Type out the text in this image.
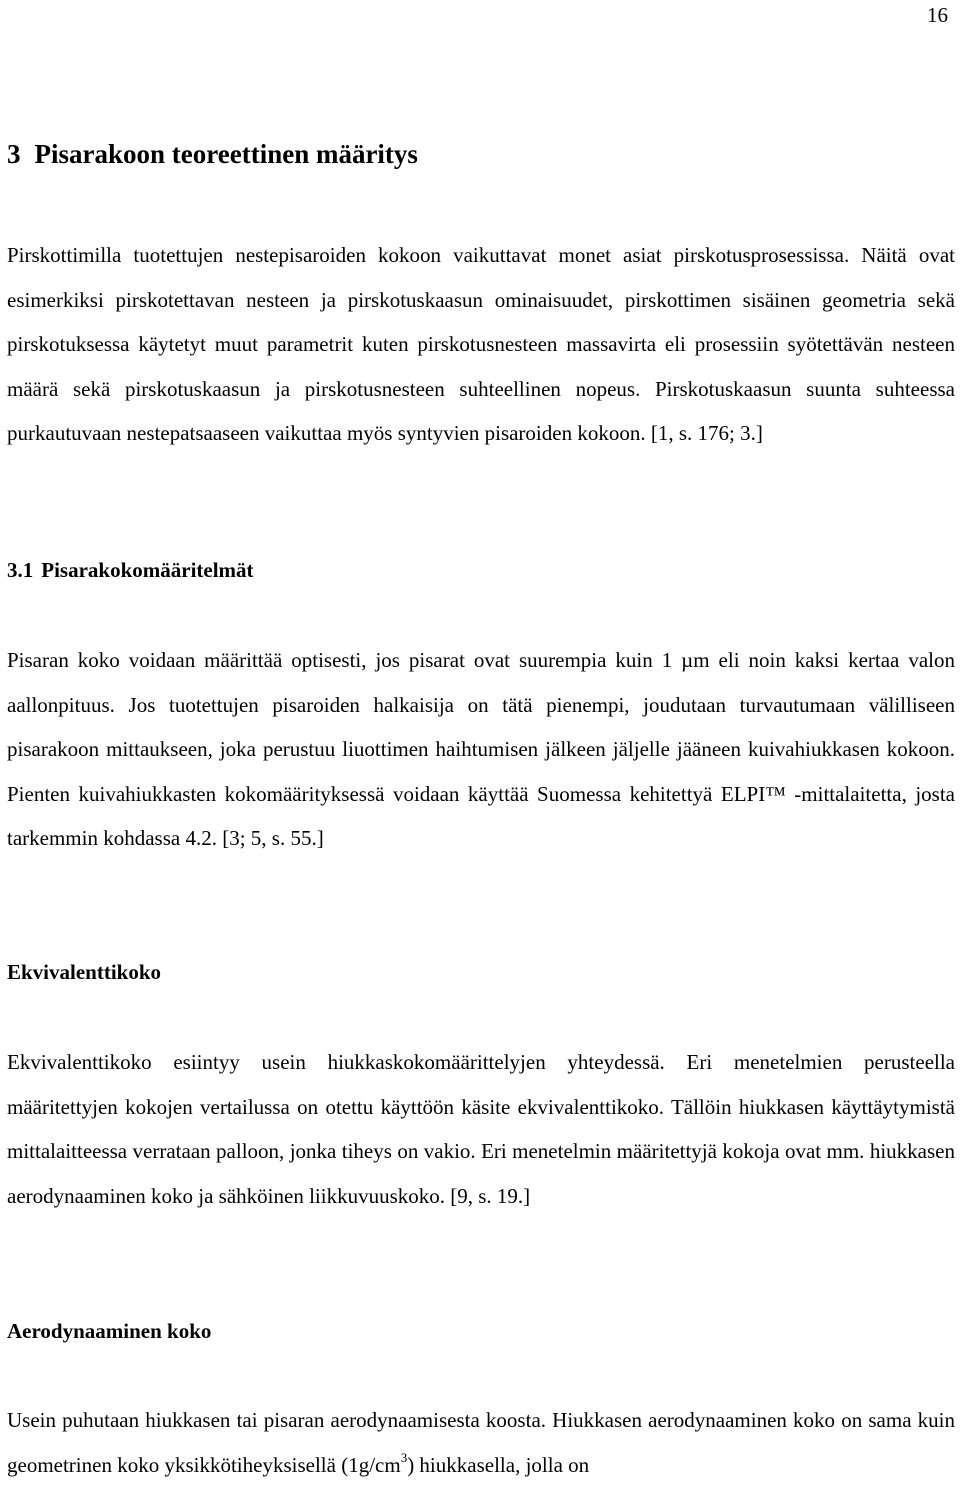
16
3 Pisarakoon teoreettinen määritys

Pirskottimilla tuotettujen nestepisaroiden kokoon vaikuttavat monet asiat pirskotusprosessissa. Näitä ovat esimerkiksi pirskotettavan nesteen ja pirskotuskaasun ominaisuudet, pirskottimen sisäinen geometria sekä pirskotuksessa käytetyt muut parametrit kuten pirskotusnesteen massavirta eli prosessiin syötettävän nesteen määrä sekä pirskotuskaasun ja pirskotusnesteen suhteellinen nopeus. Pirskotuskaasun suunta suhteessa purkautuvaan nestepatsaaseen vaikuttaa myös syntyvien pisaroiden kokoon. [1, s. 176; 3.]

3.1 Pisarakokomääritelmät

Pisaran koko voidaan määrittää optisesti, jos pisarat ovat suurempia kuin 1 µm eli noin kaksi kertaa valon aallonpituus. Jos tuotettujen pisaroiden halkaisija on tätä pienempi, joudutaan turvautumaan välilliseen pisarakoon mittaukseen, joka perustuu liuottimen haihtumisen jälkeen jäljelle jääneen kuivahiukkasen kokoon. Pienten kuivahiukkasten kokomäärityksessä voidaan käyttää Suomessa kehitettyä ELPI™ -mittalaitetta, josta tarkemmin kohdassa 4.2. [3; 5, s. 55.]

Ekvivalenttikoko

Ekvivalenttikoko esiintyy usein hiukkaskokomäärittelyjen yhteydessä. Eri menetelmien perusteella määritettyjen kokojen vertailussa on otettu käyttöön käsite ekvivalenttikoko. Tällöin hiukkasen käyttäytymistä mittalaitteessa verrataan palloon, jonka tiheys on vakio. Eri menetelmin määritettyjä kokoja ovat mm. hiukkasen aerodynaaminen koko ja sähköinen liikkuvuuskoko. [9, s. 19.]

Aerodynaaminen koko

Usein puhutaan hiukkasen tai pisaran aerodynaamisesta koosta. Hiukkasen aerodynaaminen koko on sama kuin geometrinen koko yksikkötiheyksisellä $(1g/cm^3)$ hiukkasella, jolla on
